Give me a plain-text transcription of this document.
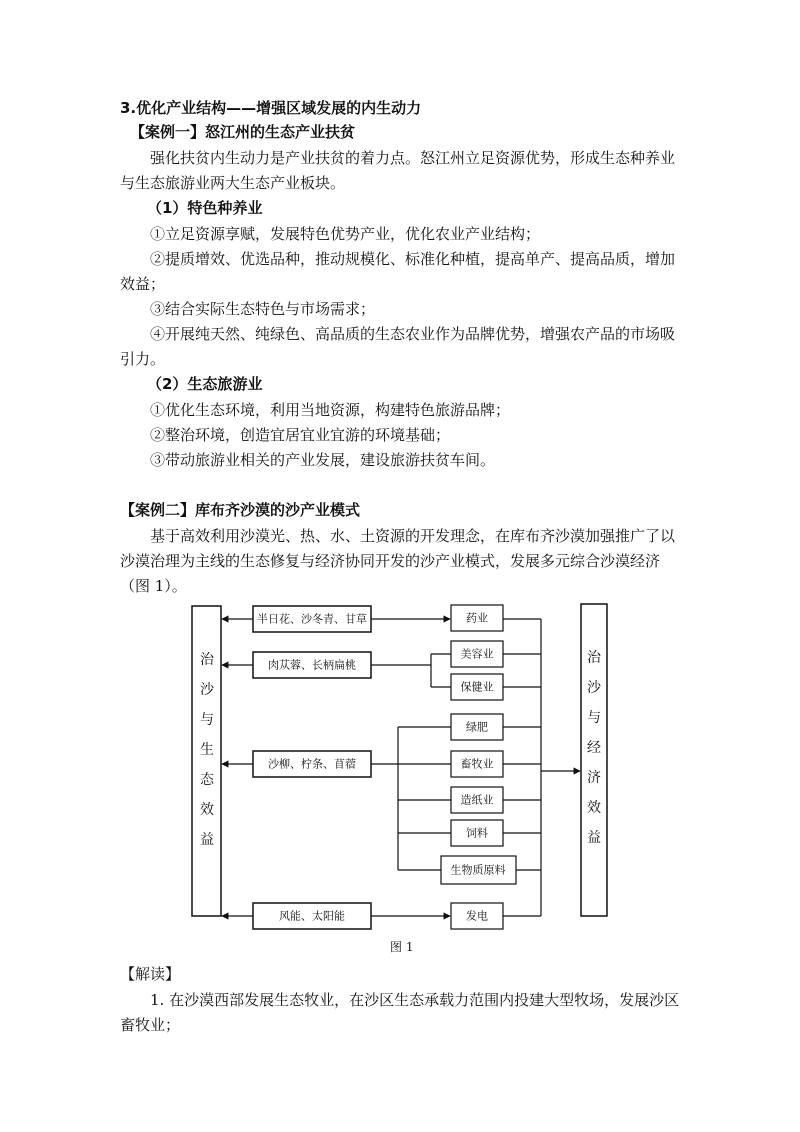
3.优化产业结构——增强区域发展的内生动力
【案例一】怒江州的生态产业扶贫
强化扶贫内生动力是产业扶贫的着力点。怒江州立足资源优势，形成生态种养业
与生态旅游业两大生态产业板块。
（1）特色种养业
①立足资源享赋，发展特色优势产业，优化农业产业结构；
②提质增效、优选品种，推动规模化、标准化种植，提高单产、提高品质，增加
效益；
③结合实际生态特色与市场需求；
④开展纯天然、纯绿色、高品质的生态农业作为品牌优势，增强农产品的市场吸
引力。
（2）生态旅游业
①优化生态环境，利用当地资源，构建特色旅游品牌；
②整治环境，创造宜居宜业宜游的环境基础；
③带动旅游业相关的产业发展，建设旅游扶贫车间。
【案例二】库布齐沙漠的沙产业模式
基于高效利用沙漠光、热、水、土资源的开发理念，在库布齐沙漠加强推广了以
沙漠治理为主线的生态修复与经济协同开发的沙产业模式，发展多元综合沙漠经济
（图 1）。
半日花、沙冬青、甘草
肉苁蓉、长柄扁桃
沙柳、柠条、苜蓿
风能、太阳能
药业
美容业
保健业
绿肥
畜牧业
造纸业
饲料
生物质原料
发电
治
沙
与
生
态
效
益
治
沙
与
经
济
效
益
图 1
【解读】
1. 在沙漠西部发展生态牧业，在沙区生态承载力范围内投建大型牧场，发展沙区
畜牧业；
